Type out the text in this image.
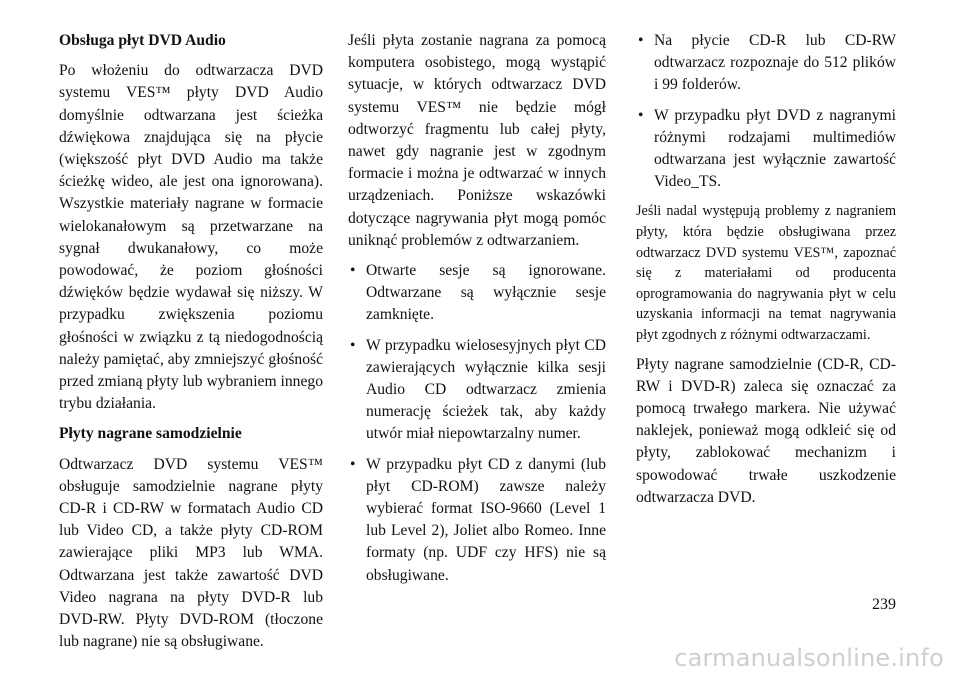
Obsługa płyt DVD Audio

Po włożeniu do odtwarzacza DVD systemu VES™ płyty DVD Audio domyślnie odtwarzana jest ścieżka dźwiękowa znajdująca się na płycie (większość płyt DVD Audio ma także ścieżkę wideo, ale jest ona ignorowana). Wszystkie materiały nagrane w formacie wielokanałowym są przetwarzane na sygnał dwukanałowy, co może powodować, że poziom głośności dźwięków będzie wydawał się niższy. W przypadku zwiększenia poziomu głośności w związku z tą niedogodnością należy pamiętać, aby zmniejszyć głośność przed zmianą płyty lub wybraniem innego trybu działania.

Płyty nagrane samodzielnie

Odtwarzacz DVD systemu VES™ obsługuje samodzielnie nagrane płyty CD-R i CD-RW w formatach Audio CD lub Video CD, a także płyty CD-ROM zawierające pliki MP3 lub WMA. Odtwarzana jest także zawartość DVD Video nagrana na płyty DVD-R lub DVD-RW. Płyty DVD-ROM (tłoczone lub nagrane) nie są obsługiwane.

Jeśli płyta zostanie nagrana za pomocą komputera osobistego, mogą wystąpić sytuacje, w których odtwarzacz DVD systemu VES™ nie będzie mógł odtworzyć fragmentu lub całej płyty, nawet gdy nagranie jest w zgodnym formacie i można je odtwarzać w innych urządzeniach. Poniższe wskazówki dotyczące nagrywania płyt mogą pomóc uniknąć problemów z odtwarzaniem.

• Otwarte sesje są ignorowane. Odtwarzane są wyłącznie sesje zamknięte.
• W przypadku wielosesyjnych płyt CD zawierających wyłącznie kilka sesji Audio CD odtwarzacz zmienia numerację ścieżek tak, aby każdy utwór miał niepowtarzalny numer.
• W przypadku płyt CD z danymi (lub płyt CD-ROM) zawsze należy wybierać format ISO-9660 (Level 1 lub Level 2), Joliet albo Romeo. Inne formaty (np. UDF czy HFS) nie są obsługiwane.
• Na płycie CD-R lub CD-RW odtwarzacz rozpoznaje do 512 plików i 99 folderów.
• W przypadku płyt DVD z nagranymi różnymi rodzajami multimediów odtwarzana jest wyłącznie zawartość Video_TS.

Jeśli nadal występują problemy z nagraniem płyty, która będzie obsługiwana przez odtwarzacz DVD systemu VES™, zapoznać się z materiałami od producenta oprogramowania do nagrywania płyt w celu uzyskania informacji na temat nagrywania płyt zgodnych z różnymi odtwarzaczami.

Płyty nagrane samodzielnie (CD-R, CD-RW i DVD-R) zaleca się oznaczać za pomocą trwałego markera. Nie używać naklejek, ponieważ mogą odkleić się od płyty, zablokować mechanizm i spowodować trwałe uszkodzenie odtwarzacza DVD.

239
carmanualsonline.info
